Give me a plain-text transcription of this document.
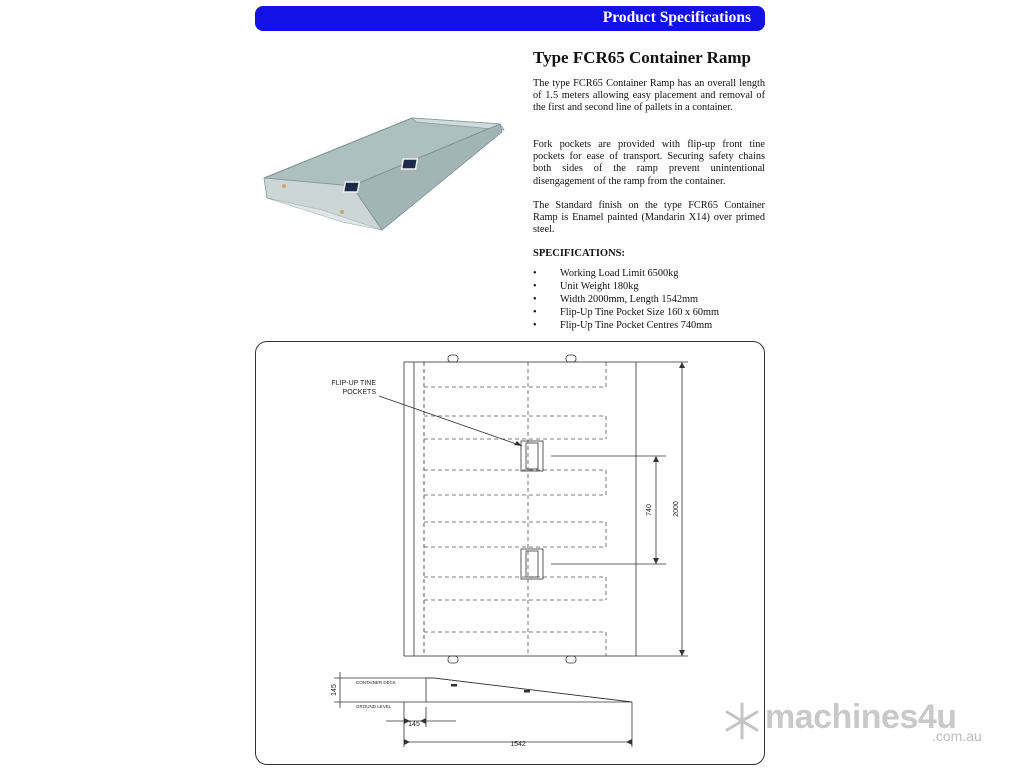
Product Specifications
Type FCR65 Container Ramp

The type FCR65 Container Ramp has an overall length of 1.5 meters allowing easy placement and removal of the first and second line of pallets in a container.

Fork pockets are provided with flip-up front tine pockets for ease of transport. Securing safety chains both sides of the ramp prevent unintentional disengagement of the ramp from the container.

The Standard finish on the type FCR65 Container Ramp is Enamel painted (Mandarin X14) over primed steel.

SPECIFICATIONS:
• Working Load Limit 6500kg
• Unit Weight 180kg
• Width 2000mm, Length 1542mm
• Flip-Up Tine Pocket Size 160 x 60mm
• Flip-Up Tine Pocket Centres 740mm
FLIP-UP TINE
POCKETS
740	2000
145
CONTAINER DECK
GROUND LEVEL
145
1542
machines4u
.com.au
